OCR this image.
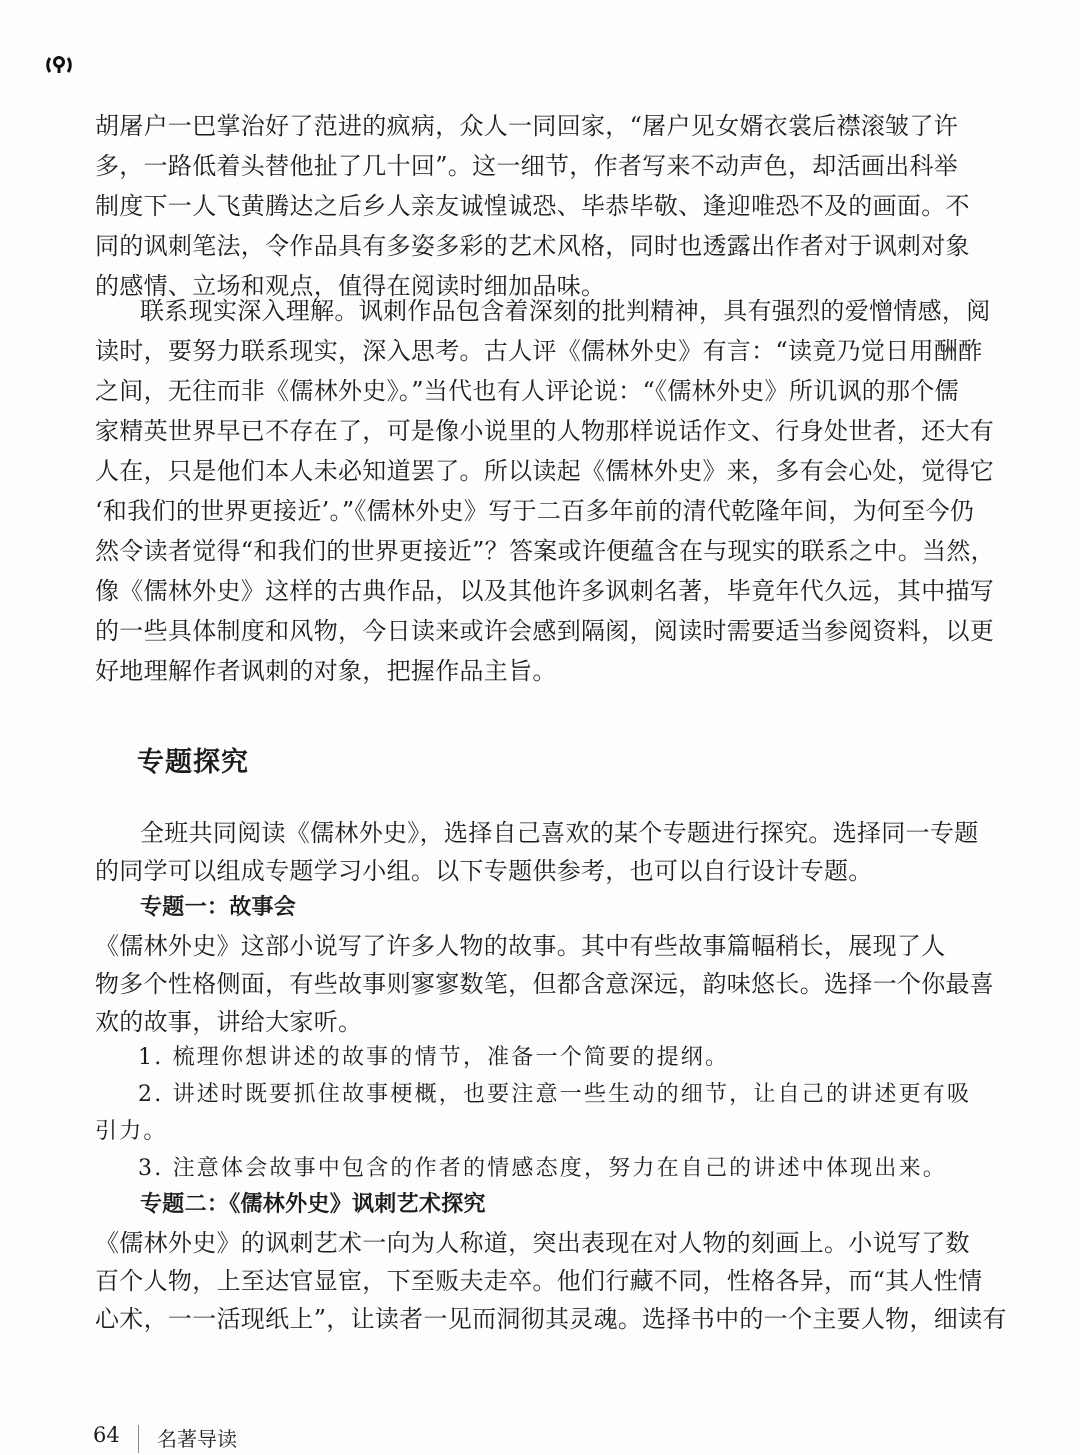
胡屠户一巴掌治好了范进的疯病，众人一同回家，“屠户见女婿衣裳后襟滚皱了许
多，一路低着头替他扯了几十回”。这一细节，作者写来不动声色，却活画出科举
制度下一人飞黄腾达之后乡人亲友诚惶诚恐、毕恭毕敬、逢迎唯恐不及的画面。不
同的讽刺笔法，令作品具有多姿多彩的艺术风格，同时也透露出作者对于讽刺对象
的感情、立场和观点，值得在阅读时细加品味。
联系现实深入理解。讽刺作品包含着深刻的批判精神，具有强烈的爱憎情感，阅
读时，要努力联系现实，深入思考。古人评《儒林外史》有言：“读竟乃觉日用酬酢
之间，无往而非《儒林外史》。”当代也有人评论说：“《儒林外史》所讥讽的那个儒
家精英世界早已不存在了，可是像小说里的人物那样说话作文、行身处世者，还大有
人在，只是他们本人未必知道罢了。所以读起《儒林外史》来，多有会心处，觉得它
‘和我们的世界更接近’。”《儒林外史》写于二百多年前的清代乾隆年间，为何至今仍
然令读者觉得“和我们的世界更接近”？答案或许便蕴含在与现实的联系之中。当然，
像《儒林外史》这样的古典作品，以及其他许多讽刺名著，毕竟年代久远，其中描写
的一些具体制度和风物，今日读来或许会感到隔阂，阅读时需要适当参阅资料，以更
好地理解作者讽刺的对象，把握作品主旨。
专题探究
全班共同阅读《儒林外史》，选择自己喜欢的某个专题进行探究。选择同一专题
的同学可以组成专题学习小组。以下专题供参考，也可以自行设计专题。
专题一：故事会
《儒林外史》这部小说写了许多人物的故事。其中有些故事篇幅稍长，展现了人
物多个性格侧面，有些故事则寥寥数笔，但都含意深远，韵味悠长。选择一个你最喜
欢的故事，讲给大家听。
1. 梳理你想讲述的故事的情节，准备一个简要的提纲。
2. 讲述时既要抓住故事梗概，也要注意一些生动的细节，让自己的讲述更有吸
引力。
3. 注意体会故事中包含的作者的情感态度，努力在自己的讲述中体现出来。
专题二：《儒林外史》讽刺艺术探究
《儒林外史》的讽刺艺术一向为人称道，突出表现在对人物的刻画上。小说写了数
百个人物，上至达官显宦，下至贩夫走卒。他们行藏不同，性格各异，而“其人性情
心术，一一活现纸上”，让读者一见而洞彻其灵魂。选择书中的一个主要人物，细读有
64 名著导读
